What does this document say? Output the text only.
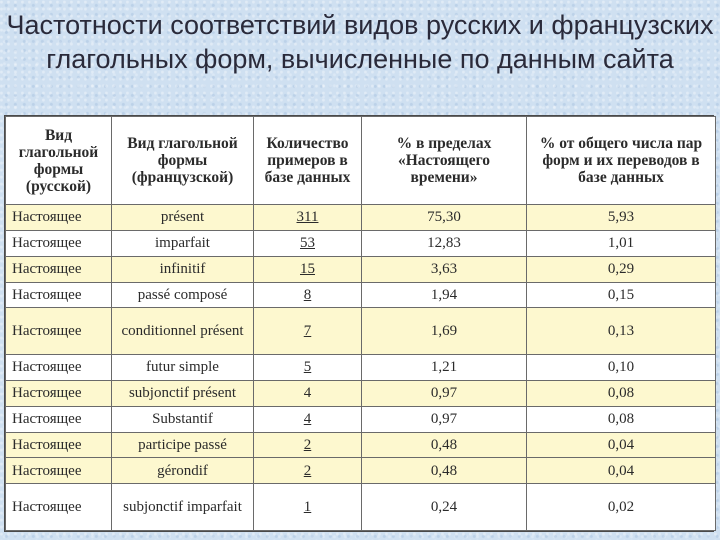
Частотности соответствий видов русских и французских глагольных форм, вычисленные по данным сайта
Вид глагольной формы (русской)	Вид глагольной формы (французской)	Количество примеров в базе данных	% в пределах «Настоящего времени»	% от общего числа пар форм и их переводов в базе данных
Настоящее	présent	311	75,30	5,93
Настоящее	imparfait	53	12,83	1,01
Настоящее	infinitif	15	3,63	0,29
Настоящее	passé composé	8	1,94	0,15
Настоящее	conditionnel présent	7	1,69	0,13
Настоящее	futur simple	5	1,21	0,10
Настоящее	subjonctif présent	4	0,97	0,08
Настоящее	Substantif	4	0,97	0,08
Настоящее	participe passé	2	0,48	0,04
Настоящее	gérondif	2	0,48	0,04
Настоящее	subjonctif imparfait	1	0,24	0,02
